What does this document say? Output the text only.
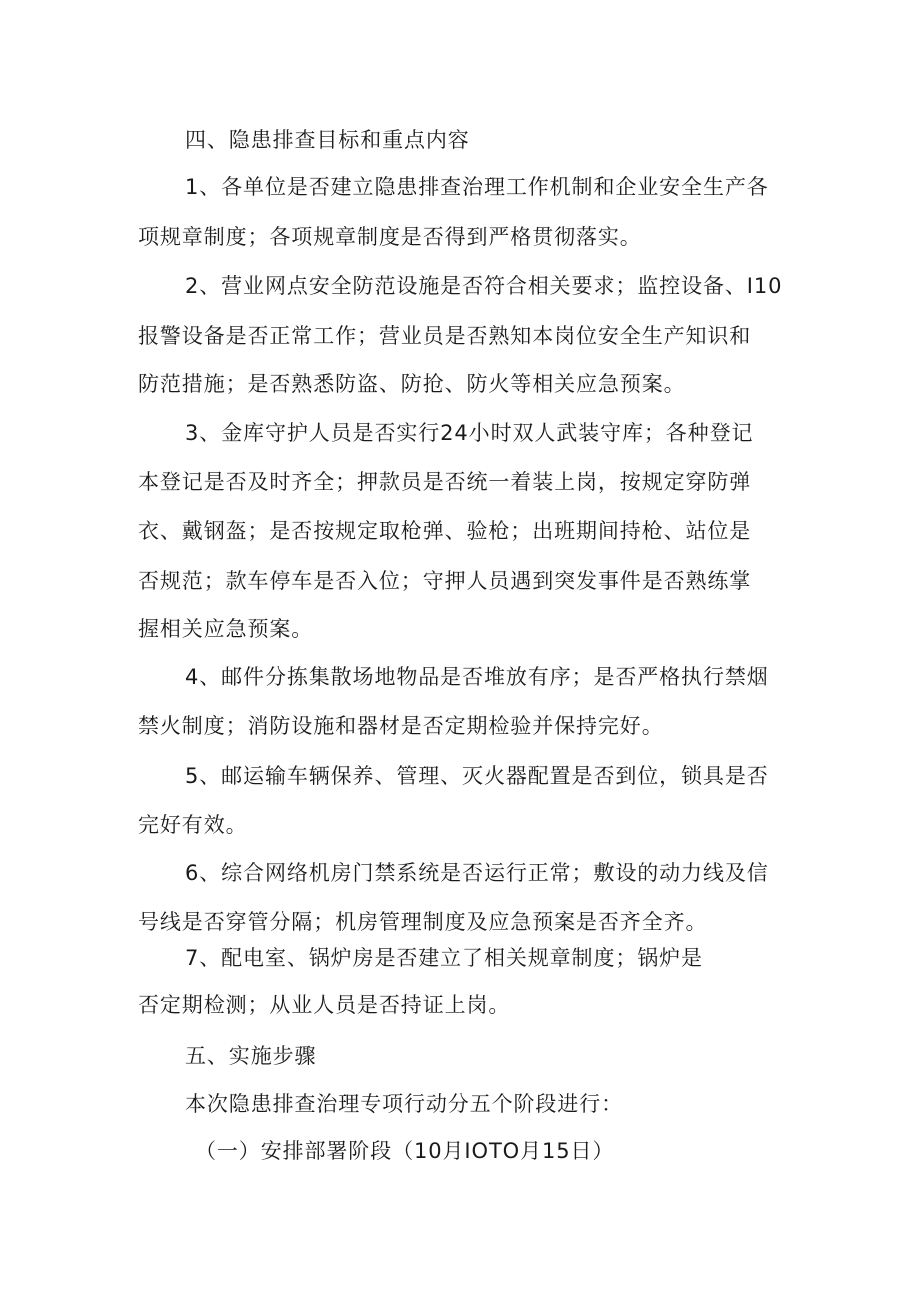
四、隐患排查目标和重点内容
1、各单位是否建立隐患排查治理工作机制和企业安全生产各
项规章制度；各项规章制度是否得到严格贯彻落实。
2、营业网点安全防范设施是否符合相关要求；监控设备、I10
报警设备是否正常工作；营业员是否熟知本岗位安全生产知识和
防范措施；是否熟悉防盗、防抢、防火等相关应急预案。
3、金库守护人员是否实行24小时双人武装守库；各种登记
本登记是否及时齐全；押款员是否统一着装上岗，按规定穿防弹
衣、戴钢盔；是否按规定取枪弹、验枪；出班期间持枪、站位是
否规范；款车停车是否入位；守押人员遇到突发事件是否熟练掌
握相关应急预案。
4、邮件分拣集散场地物品是否堆放有序；是否严格执行禁烟
禁火制度；消防设施和器材是否定期检验并保持完好。
5、邮运输车辆保养、管理、灭火器配置是否到位，锁具是否
完好有效。
6、综合网络机房门禁系统是否运行正常；敷设的动力线及信
号线是否穿管分隔；机房管理制度及应急预案是否齐全齐。
7、配电室、锅炉房是否建立了相关规章制度；锅炉是
否定期检测；从业人员是否持证上岗。
五、实施步骤
本次隐患排查治理专项行动分五个阶段进行：
（一）安排部署阶段（10月IOTO月15日）
